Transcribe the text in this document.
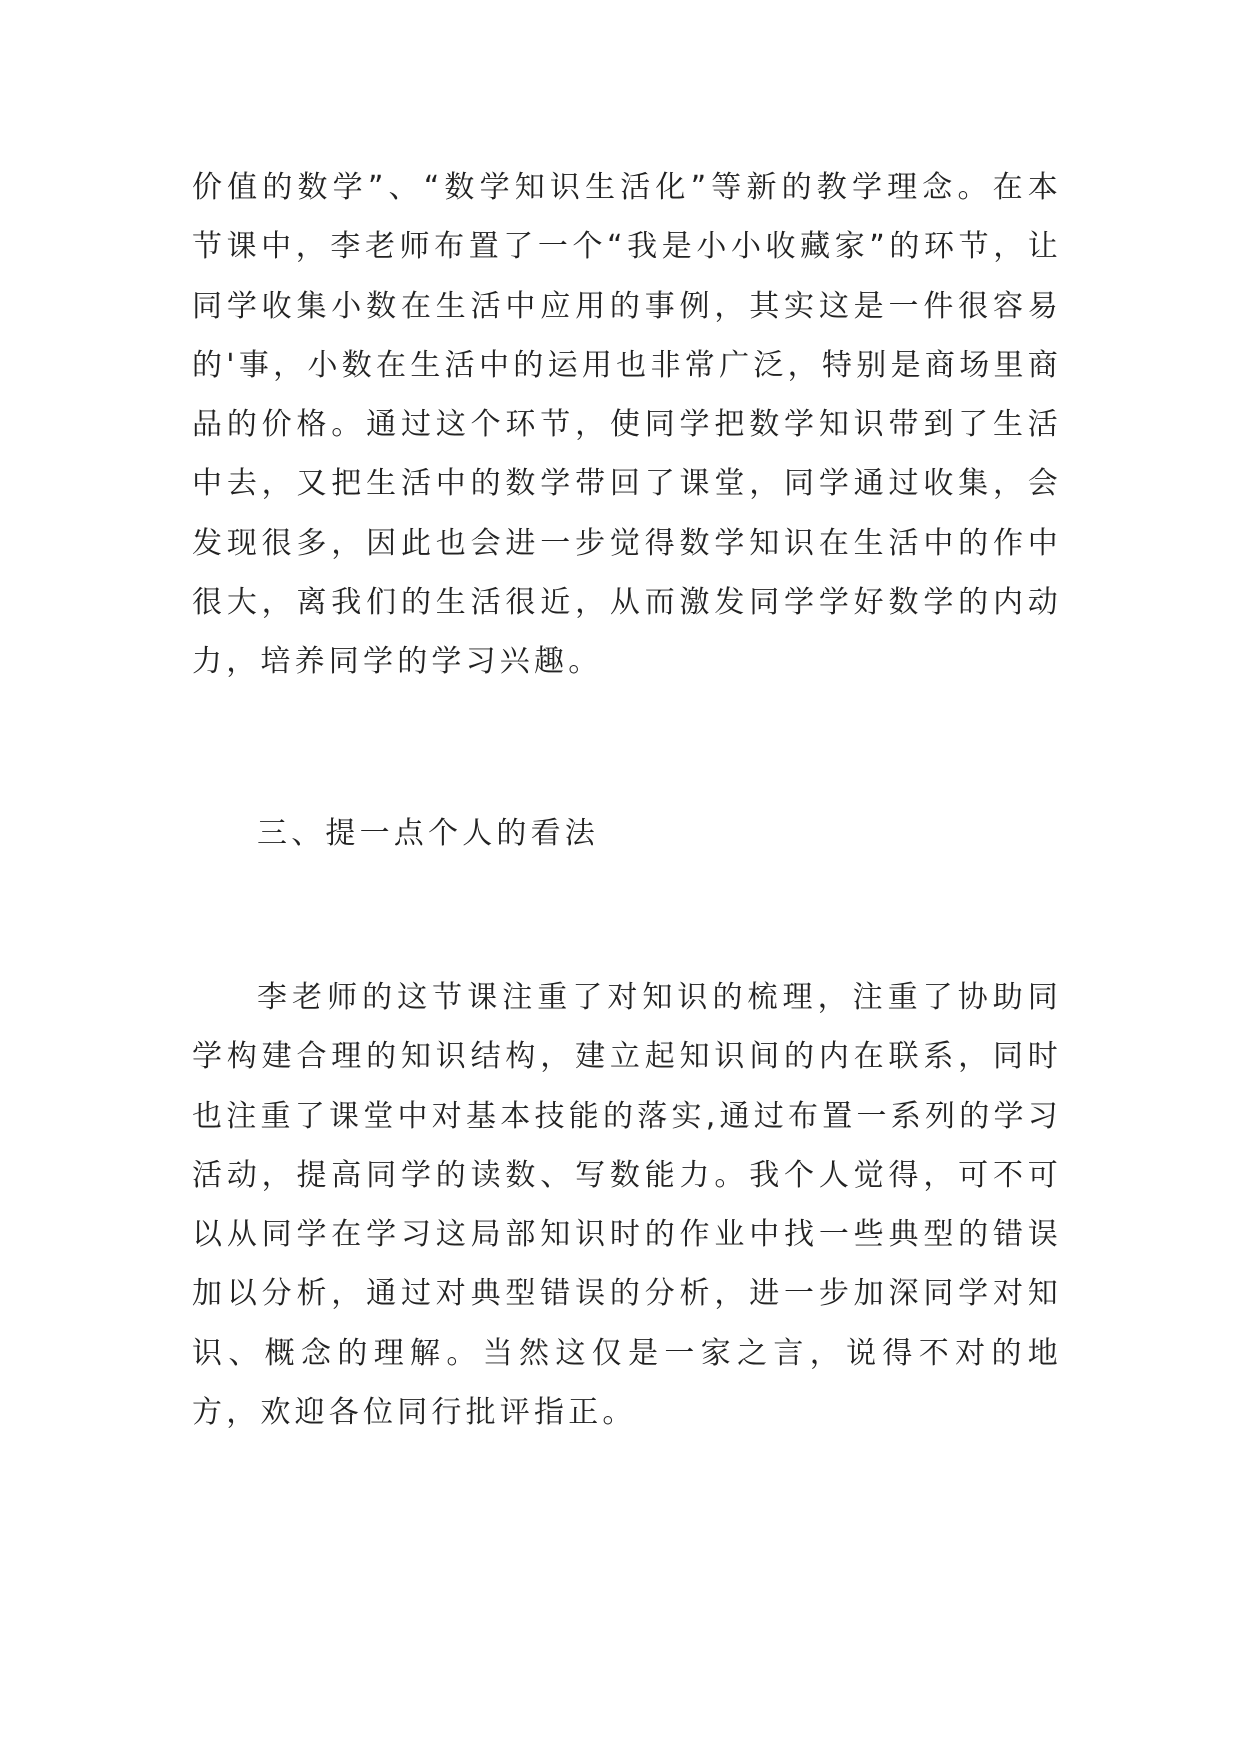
价值的数学”、“数学知识生活化”等新的教学理念。在本节课中，李老师布置了一个“我是小小收藏家”的环节，让同学收集小数在生活中应用的事例，其实这是一件很容易的'事，小数在生活中的运用也非常广泛，特别是商场里商品的价格。通过这个环节，使同学把数学知识带到了生活中去，又把生活中的数学带回了课堂，同学通过收集，会发现很多，因此也会进一步觉得数学知识在生活中的作中很大，离我们的生活很近，从而激发同学学好数学的内动力，培养同学的学习兴趣。

三、提一点个人的看法

李老师的这节课注重了对知识的梳理，注重了协助同学构建合理的知识结构，建立起知识间的内在联系，同时也注重了课堂中对基本技能的落实,通过布置一系列的学习活动，提高同学的读数、写数能力。我个人觉得，可不可以从同学在学习这局部知识时的作业中找一些典型的错误加以分析，通过对典型错误的分析，进一步加深同学对知识、概念的理解。当然这仅是一家之言，说得不对的地方，欢迎各位同行批评指正。
